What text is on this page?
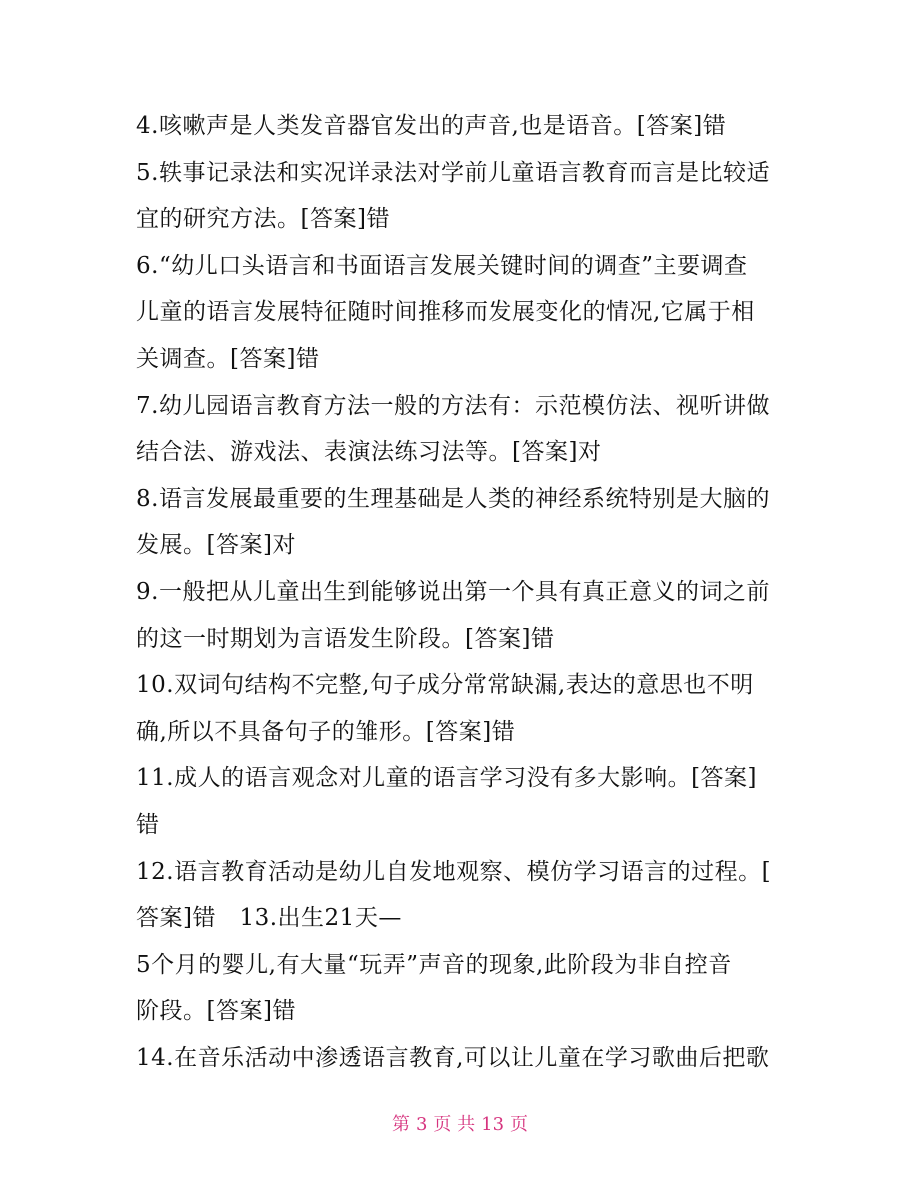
4.咳嗽声是人类发音器官发出的声音,也是语音。[答案]错
5.轶事记录法和实况详录法对学前儿童语言教育而言是比较适
宜的研究方法。[答案]错
6.“幼儿口头语言和书面语言发展关键时间的调查”主要调查
儿童的语言发展特征随时间推移而发展变化的情况,它属于相
关调查。[答案]错
7.幼儿园语言教育方法一般的方法有：示范模仿法、视听讲做
结合法、游戏法、表演法练习法等。[答案]对
8.语言发展最重要的生理基础是人类的神经系统特别是大脑的
发展。[答案]对
9.一般把从儿童出生到能够说出第一个具有真正意义的词之前
的这一时期划为言语发生阶段。[答案]错
10.双词句结构不完整,句子成分常常缺漏,表达的意思也不明
确,所以不具备句子的雏形。[答案]错
11.成人的语言观念对儿童的语言学习没有多大影响。[答案]
错
12.语言教育活动是幼儿自发地观察、模仿学习语言的过程。[
答案]错　13.出生21天—
5个月的婴儿,有大量“玩弄”声音的现象,此阶段为非自控音
阶段。[答案]错
14.在音乐活动中渗透语言教育,可以让儿童在学习歌曲后把歌
第 3 页 共 13 页
